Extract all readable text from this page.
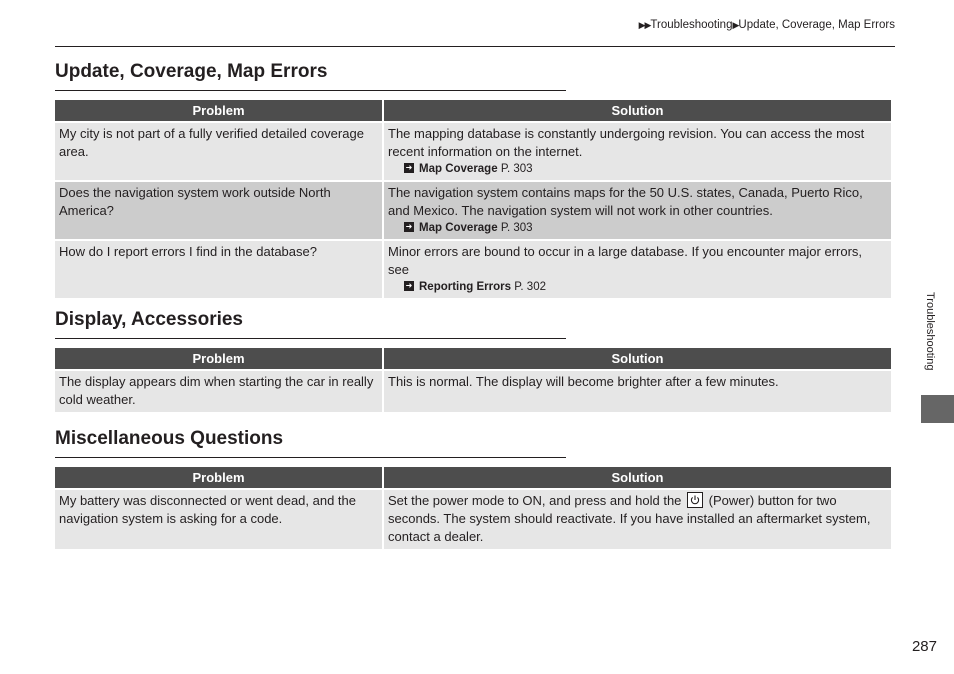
▶▶Troubleshooting▶Update, Coverage, Map Errors
Update, Coverage, Map Errors
Problem	Solution
My city is not part of a fully verified detailed coverage area.	The mapping database is constantly undergoing revision. You can access the most recent information on the internet.
➜ Map Coverage P. 303

Does the navigation system work outside North America?	The navigation system contains maps for the 50 U.S. states, Canada, Puerto Rico, and Mexico. The navigation system will not work in other countries.
➜ Map Coverage P. 303

How do I report errors I find in the database?	Minor errors are bound to occur in a large database. If you encounter major errors, see
➜ Reporting Errors P. 302
Display, Accessories
Problem	Solution
The display appears dim when starting the car in really cold weather.	This is normal. The display will become brighter after a few minutes.
Miscellaneous Questions
Problem	Solution
My battery was disconnected or went dead, and the navigation system is asking for a code.	Set the power mode to ON, and press and hold the (Power) button for two seconds. The system should reactivate. If you have installed an aftermarket system, contact a dealer.
Troubleshooting
287
